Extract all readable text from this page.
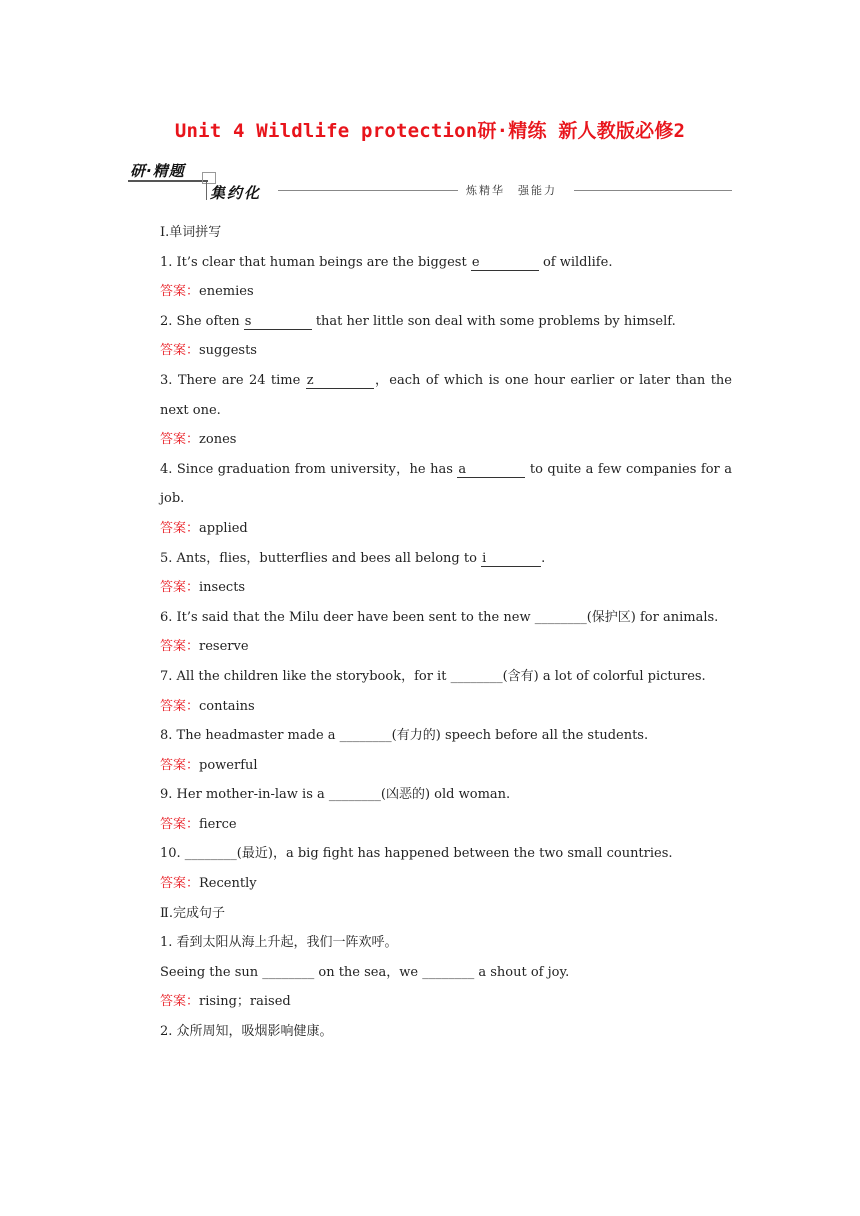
Unit 4 Wildlife protection研·精练 新人教版必修2
研·精题
集约化	炼精华　强能力
Ⅰ.单词拼写
1. It’s clear that human beings are the biggest e	of wildlife.
答案：enemies
2. She often s	that her little son deal with some problems by himself.
答案：suggests
3. There are 24 time z	，each of which is one hour earlier or later than the next one.
答案：zones
4. Since graduation from university，he has a	to quite a few companies for a job.
答案：applied
5. Ants，flies，butterflies and bees all belong to i	.
答案：insects
6. It’s said that the Milu deer have been sent to the new ________(保护区) for animals.
答案：reserve
7. All the children like the storybook，for it ________(含有) a lot of colorful pictures.
答案：contains
8. The headmaster made a ________(有力的) speech before all the students.
答案：powerful
9. Her mother-in-law is a ________(凶恶的) old woman.
答案：fierce
10. ________(最近)，a big fight has happened between the two small countries.
答案：Recently
Ⅱ.完成句子
1. 看到太阳从海上升起，我们一阵欢呼。
Seeing the sun ________ on the sea，we ________ a shout of joy.
答案：rising；raised
2. 众所周知，吸烟影响健康。
